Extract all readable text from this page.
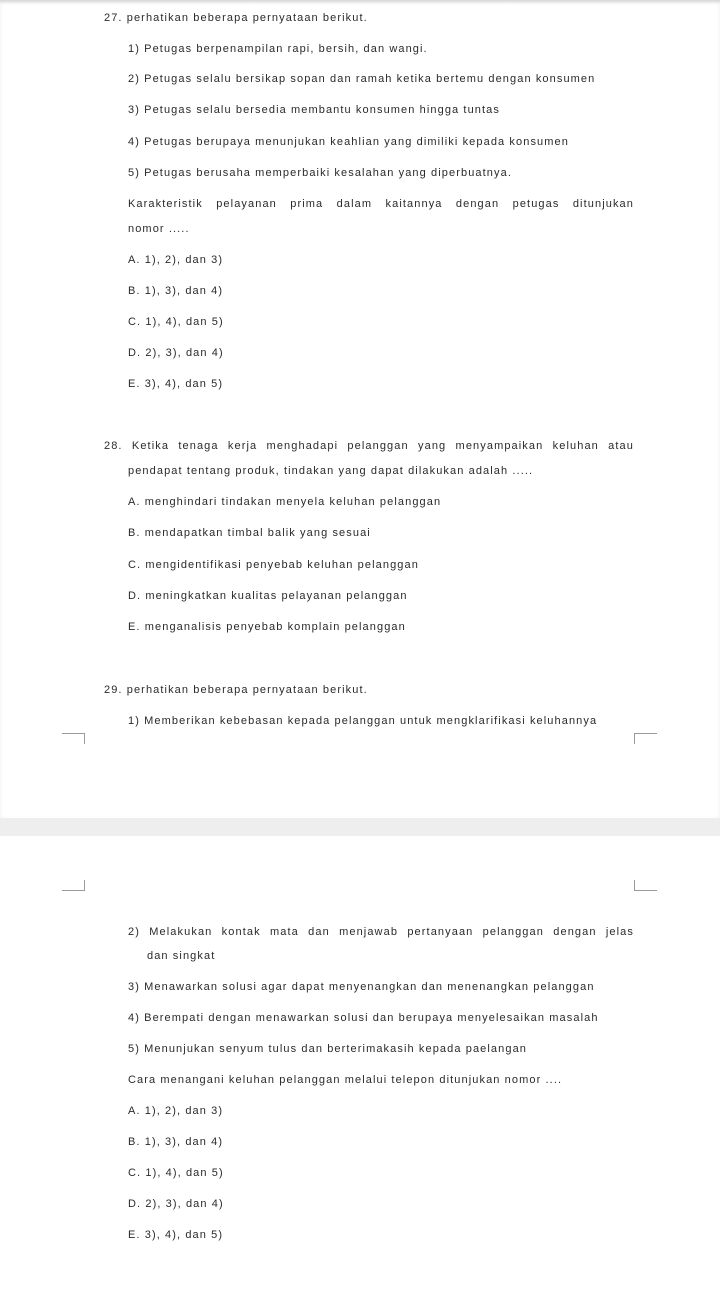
27. perhatikan beberapa pernyataan berikut.
1) Petugas berpenampilan rapi, bersih, dan wangi.
2) Petugas selalu bersikap sopan dan ramah ketika bertemu dengan konsumen
3) Petugas selalu bersedia membantu konsumen hingga tuntas
4) Petugas berupaya menunjukan keahlian yang dimiliki kepada konsumen
5) Petugas berusaha memperbaiki kesalahan yang diperbuatnya.
Karakteristik pelayanan prima dalam kaitannya dengan petugas ditunjukan
nomor .....
A. 1), 2), dan 3)
B. 1), 3), dan 4)
C. 1), 4), dan 5)
D. 2), 3), dan 4)
E. 3), 4), dan 5)
28. Ketika tenaga kerja menghadapi pelanggan yang menyampaikan keluhan atau
pendapat tentang produk, tindakan yang dapat dilakukan adalah .....
A. menghindari tindakan menyela keluhan pelanggan
B. mendapatkan timbal balik yang sesuai
C. mengidentifikasi penyebab keluhan pelanggan
D. meningkatkan kualitas pelayanan pelanggan
E. menganalisis penyebab komplain pelanggan
29. perhatikan beberapa pernyataan berikut.
1) Memberikan kebebasan kepada pelanggan untuk mengklarifikasi keluhannya
2) Melakukan kontak mata dan menjawab pertanyaan pelanggan dengan jelas
dan singkat
3) Menawarkan solusi agar dapat menyenangkan dan menenangkan pelanggan
4) Berempati dengan menawarkan solusi dan berupaya menyelesaikan masalah
5) Menunjukan senyum tulus dan berterimakasih kepada paelangan
Cara menangani keluhan pelanggan melalui telepon ditunjukan nomor ....
A. 1), 2), dan 3)
B. 1), 3), dan 4)
C. 1), 4), dan 5)
D. 2), 3), dan 4)
E. 3), 4), dan 5)
